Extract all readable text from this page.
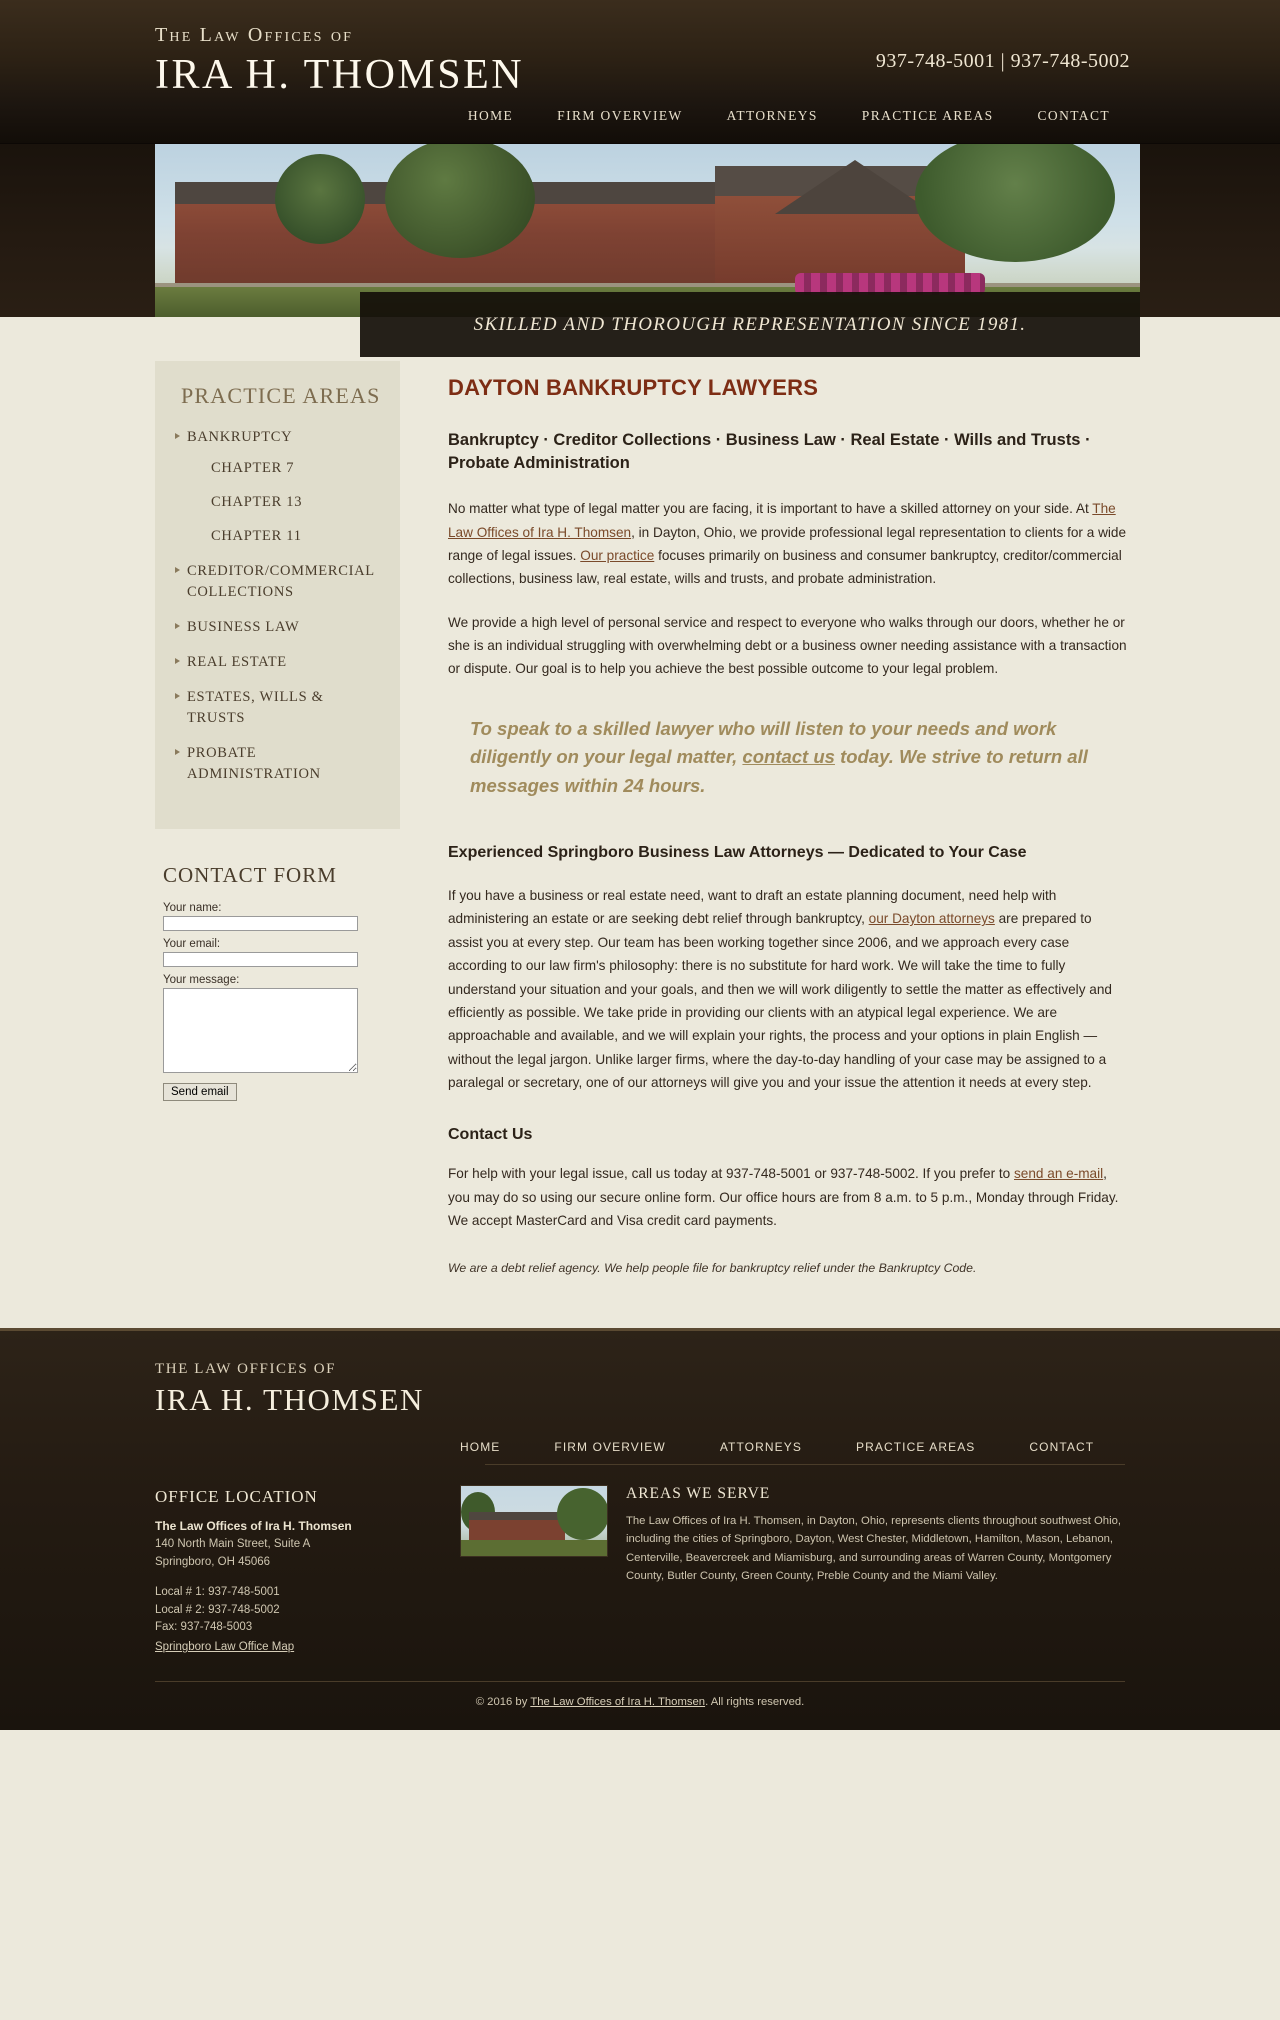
The Law Offices of
IRA H. THOMSEN	937-748-5001 | 937-748-5002
HOME	FIRM OVERVIEW	ATTORNEYS	PRACTICE AREAS	CONTACT
SKILLED AND THOROUGH REPRESENTATION SINCE 1981.
PRACTICE AREAS
BANKRUPTCY
CHAPTER 7
CHAPTER 13
CHAPTER 11
CREDITOR/COMMERCIAL COLLECTIONS
BUSINESS LAW
REAL ESTATE
ESTATES, WILLS & TRUSTS
PROBATE ADMINISTRATION
CONTACT FORM
Your name:
Your email:
Your message:
Send email
DAYTON BANKRUPTCY LAWYERS
Bankruptcy · Creditor Collections · Business Law · Real Estate · Wills and Trusts · Probate Administration

No matter what type of legal matter you are facing, it is important to have a skilled attorney on your side. At The Law Offices of Ira H. Thomsen, in Dayton, Ohio, we provide professional legal representation to clients for a wide range of legal issues. Our practice focuses primarily on business and consumer bankruptcy, creditor/commercial collections, business law, real estate, wills and trusts, and probate administration.

We provide a high level of personal service and respect to everyone who walks through our doors, whether he or she is an individual struggling with overwhelming debt or a business owner needing assistance with a transaction or dispute. Our goal is to help you achieve the best possible outcome to your legal problem.

To speak to a skilled lawyer who will listen to your needs and work diligently on your legal matter, contact us today. We strive to return all messages within 24 hours.
Experienced Springboro Business Law Attorneys — Dedicated to Your Case

If you have a business or real estate need, want to draft an estate planning document, need help with administering an estate or are seeking debt relief through bankruptcy, our Dayton attorneys are prepared to assist you at every step. Our team has been working together since 2006, and we approach every case according to our law firm's philosophy: there is no substitute for hard work. We will take the time to fully understand your situation and your goals, and then we will work diligently to settle the matter as effectively and efficiently as possible. We take pride in providing our clients with an atypical legal experience. We are approachable and available, and we will explain your rights, the process and your options in plain English — without the legal jargon. Unlike larger firms, where the day-to-day handling of your case may be assigned to a paralegal or secretary, one of our attorneys will give you and your issue the attention it needs at every step.

Contact Us

For help with your legal issue, call us today at 937-748-5001 or 937-748-5002. If you prefer to send an e-mail, you may do so using our secure online form. Our office hours are from 8 a.m. to 5 p.m., Monday through Friday. We accept MasterCard and Visa credit card payments.

We are a debt relief agency. We help people file for bankruptcy relief under the Bankruptcy Code.
THE LAW OFFICES OF
IRA H. THOMSEN
HOME	FIRM OVERVIEW	ATTORNEYS	PRACTICE AREAS	CONTACT
OFFICE LOCATION
The Law Offices of Ira H. Thomsen
140 North Main Street, Suite A
Springboro, OH 45066
Local # 1: 937-748-5001
Local # 2: 937-748-5002
Fax: 937-748-5003
Springboro Law Office Map
AREAS WE SERVE
The Law Offices of Ira H. Thomsen, in Dayton, Ohio, represents clients throughout southwest Ohio, including the cities of Springboro, Dayton, West Chester, Middletown, Hamilton, Mason, Lebanon, Centerville, Beavercreek and Miamisburg, and surrounding areas of Warren County, Montgomery County, Butler County, Green County, Preble County and the Miami Valley.
© 2016 by The Law Offices of Ira H. Thomsen. All rights reserved.
